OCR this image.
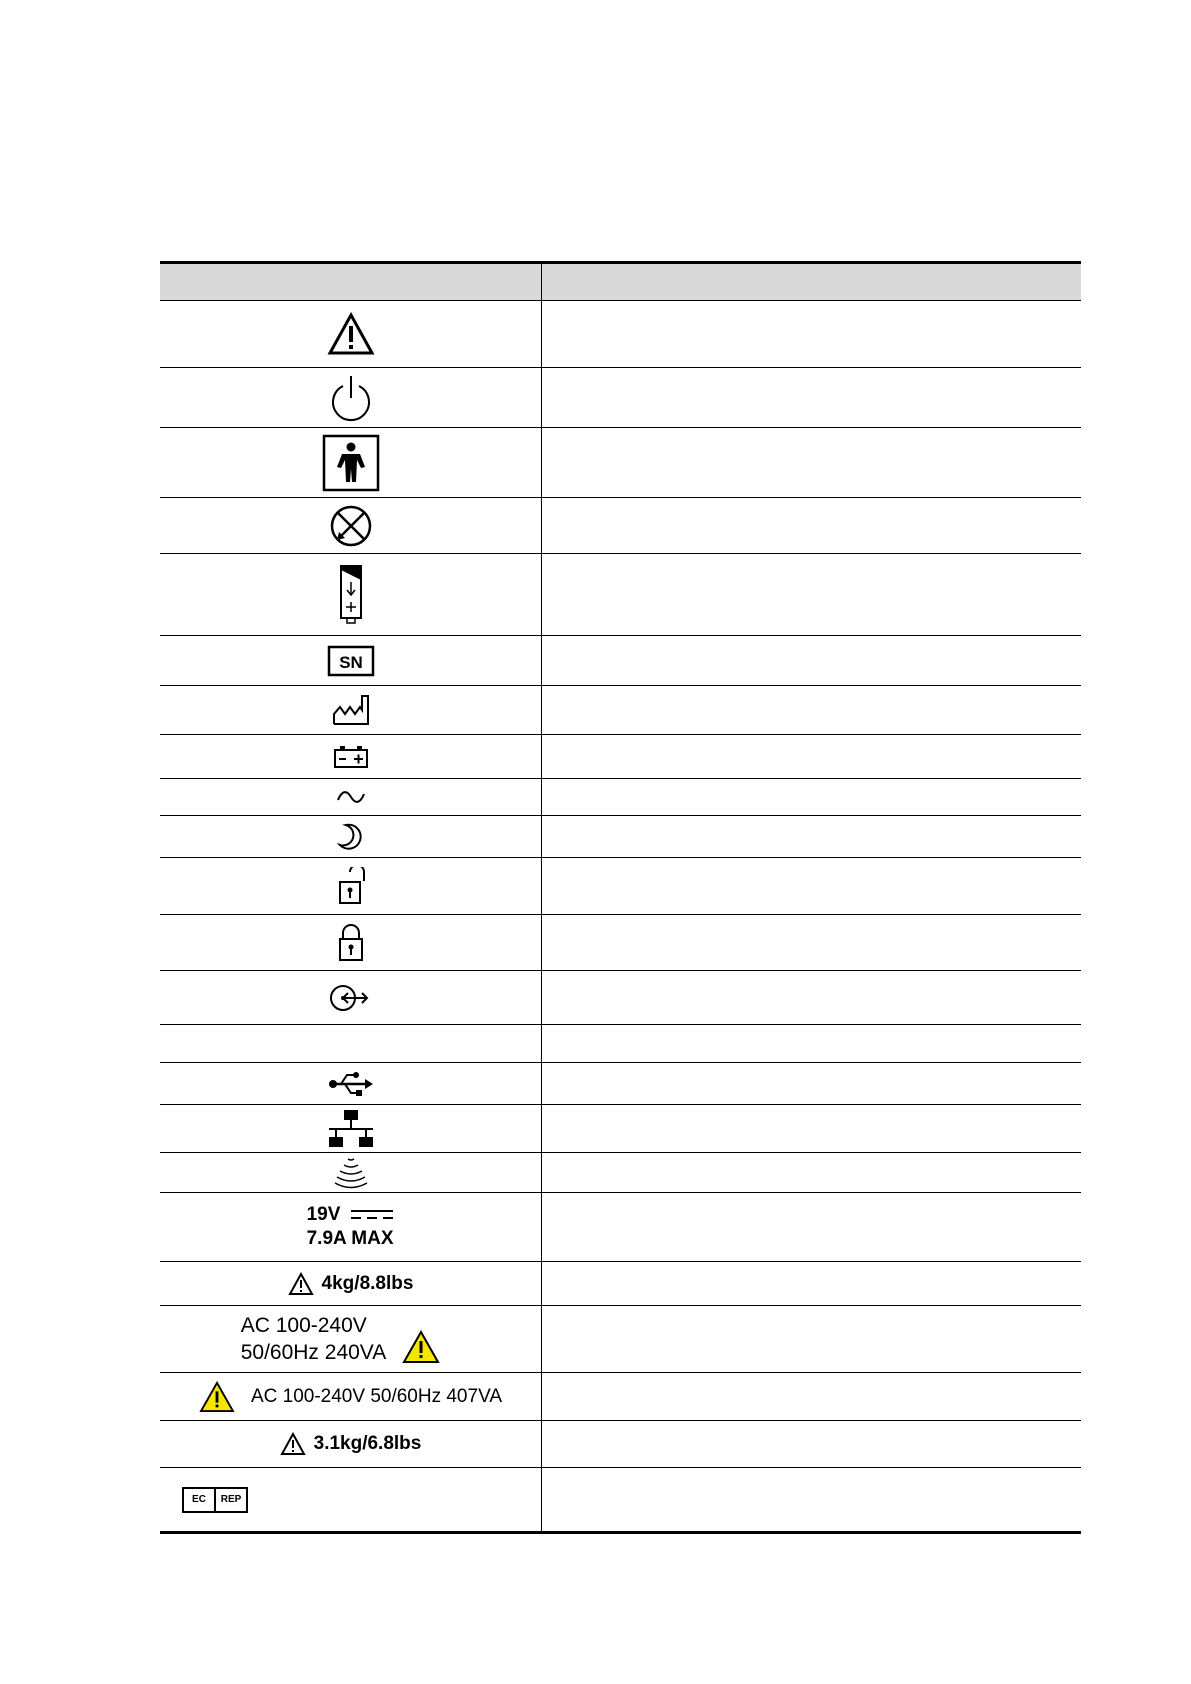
SN
19V
7.9A MAX
4kg/8.8lbs
AC 100-240V
50/60Hz 240VA
AC 100-240V 50/60Hz 407VA
3.1kg/6.8lbs
EC	REP
